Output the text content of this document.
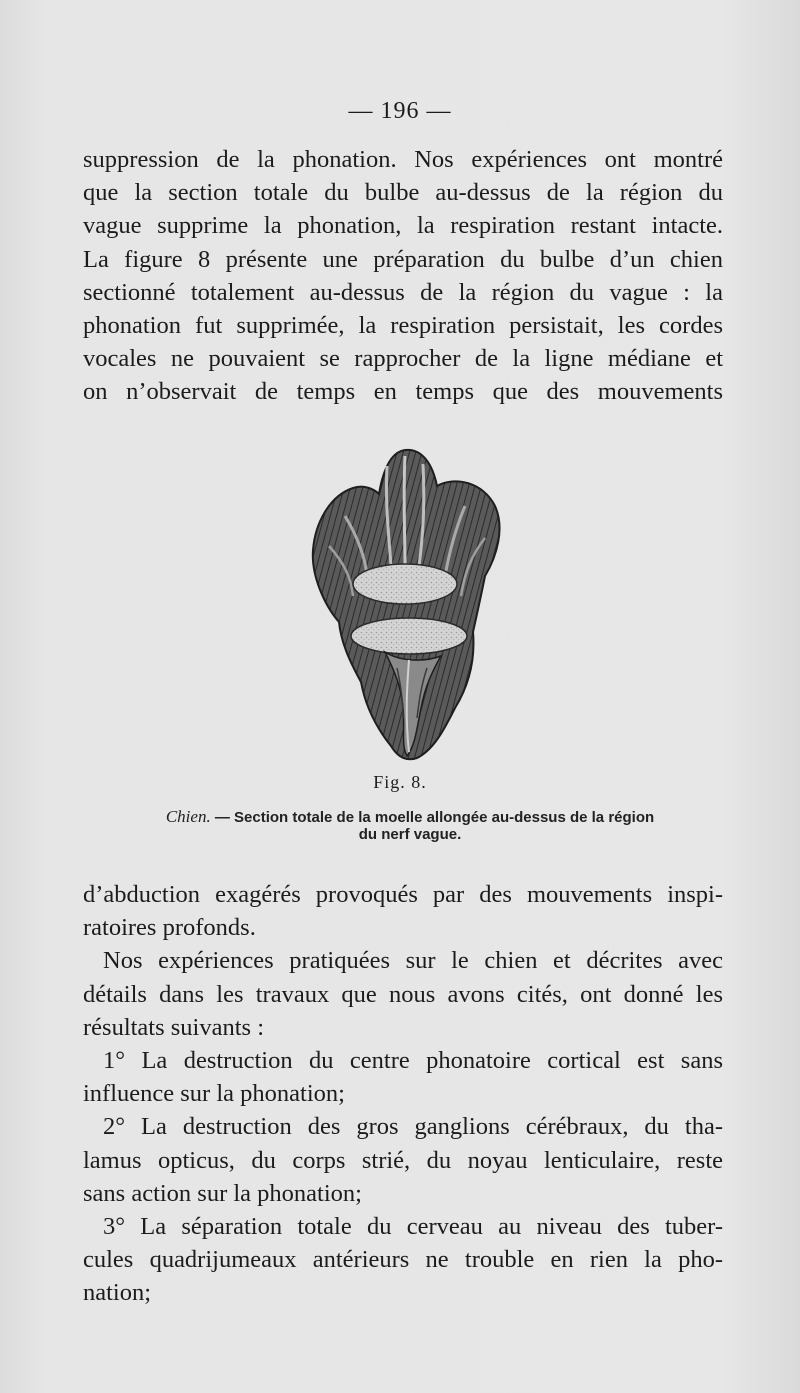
— 196 —
suppression de la phonation. Nos expériences ont montré
que la section totale du bulbe au-dessus de la région du
vague supprime la phonation, la respiration restant intacte.
La figure 8 présente une préparation du bulbe d’un chien
sectionné totalement au-dessus de la région du vague : la
phonation fut supprimée, la respiration persistait, les cordes
vocales ne pouvaient se rapprocher de la ligne médiane et
on n’observait de temps en temps que des mouvements
Fig. 8.
Chien. — Section totale de la moelle allongée au-dessus de la région
du nerf vague.
d’abduction exagérés provoqués par des mouvements inspi-
ratoires profonds.
Nos expériences pratiquées sur le chien et décrites avec
détails dans les travaux que nous avons cités, ont donné les
résultats suivants :
1° La destruction du centre phonatoire cortical est sans
influence sur la phonation;
2° La destruction des gros ganglions cérébraux, du tha-
lamus opticus, du corps strié, du noyau lenticulaire, reste
sans action sur la phonation;
3° La séparation totale du cerveau au niveau des tuber-
cules quadrijumeaux antérieurs ne trouble en rien la pho-
nation;
